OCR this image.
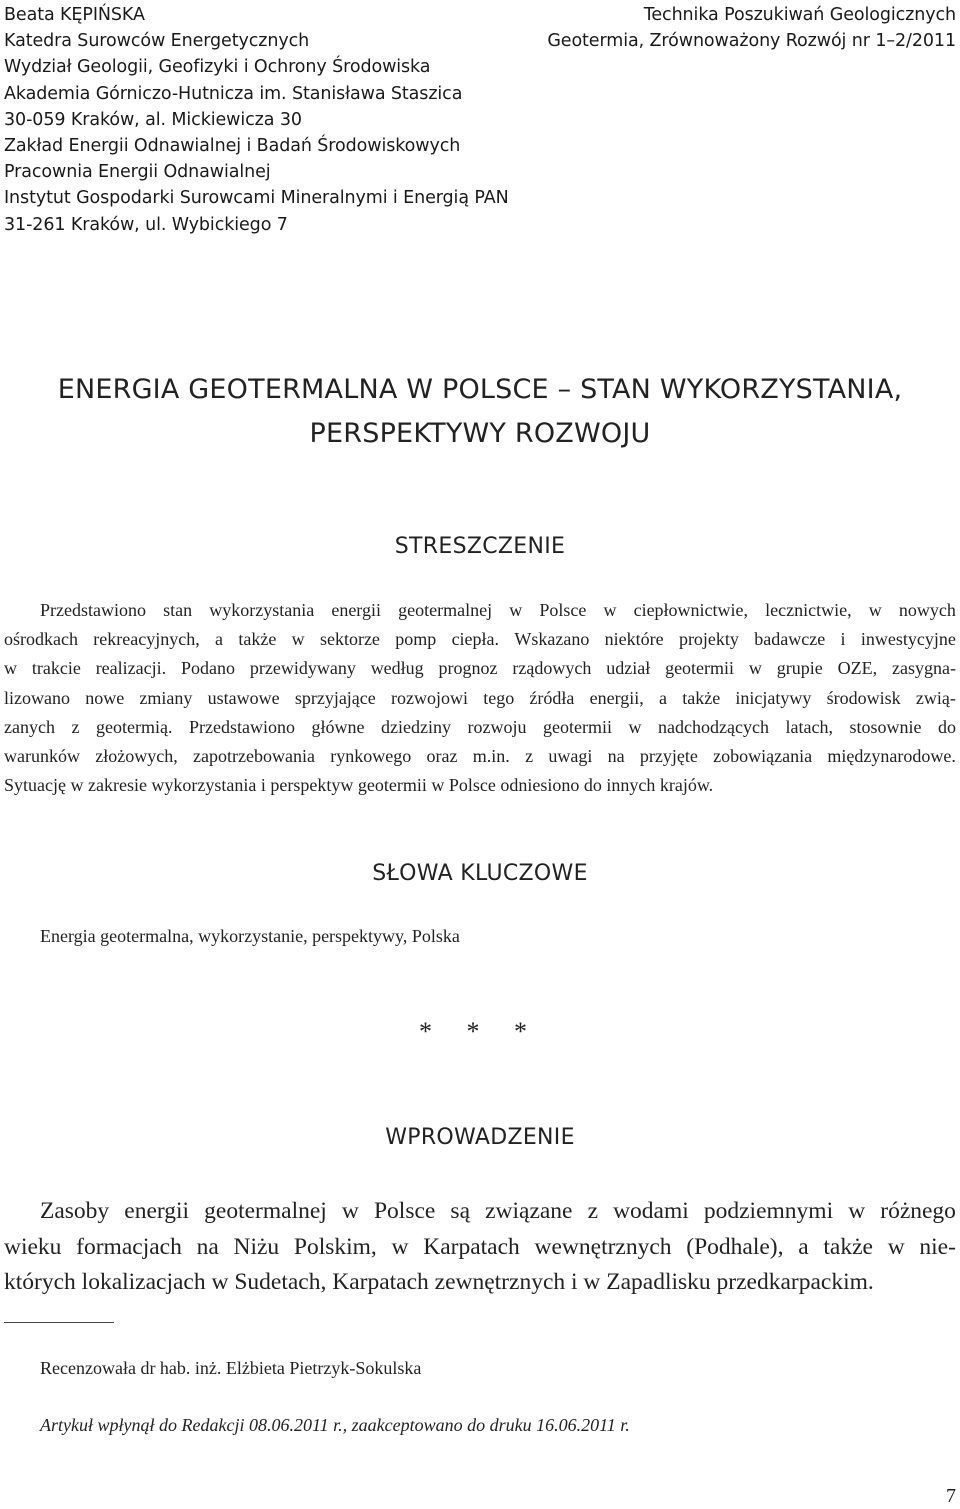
Beata KĘPIŃSKA
Katedra Surowców Energetycznych
Wydział Geologii, Geofizyki i Ochrony Środowiska
Akademia Górniczo-Hutnicza im. Stanisława Staszica
30-059 Kraków, al. Mickiewicza 30
Zakład Energii Odnawialnej i Badań Środowiskowych
Pracownia Energii Odnawialnej
Instytut Gospodarki Surowcami Mineralnymi i Energią PAN
31-261 Kraków, ul. Wybickiego 7
Technika Poszukiwań Geologicznych
Geotermia, Zrównoważony Rozwój nr 1–2/2011
ENERGIA GEOTERMALNA W POLSCE – STAN WYKORZYSTANIA,
PERSPEKTYWY ROZWOJU
STRESZCZENIE
Przedstawiono stan wykorzystania energii geotermalnej w Polsce w ciepłownictwie, lecznictwie, w nowych
ośrodkach rekreacyjnych, a także w sektorze pomp ciepła. Wskazano niektóre projekty badawcze i inwestycyjne
w trakcie realizacji. Podano przewidywany według prognoz rządowych udział geotermii w grupie OZE, zasygna-
lizowano nowe zmiany ustawowe sprzyjające rozwojowi tego źródła energii, a także inicjatywy środowisk zwią-
zanych z geotermią. Przedstawiono główne dziedziny rozwoju geotermii w nadchodzących latach, stosownie do
warunków złożowych, zapotrzebowania rynkowego oraz m.in. z uwagi na przyjęte zobowiązania międzynarodowe.
Sytuację w zakresie wykorzystania i perspektyw geotermii w Polsce odniesiono do innych krajów.
SŁOWA KLUCZOWE
Energia geotermalna, wykorzystanie, perspektywy, Polska
* * *
WPROWADZENIE
Zasoby energii geotermalnej w Polsce są związane z wodami podziemnymi w różnego
wieku formacjach na Niżu Polskim, w Karpatach wewnętrznych (Podhale), a także w nie-
których lokalizacjach w Sudetach, Karpatach zewnętrznych i w Zapadlisku przedkarpackim.
Recenzowała dr hab. inż. Elżbieta Pietrzyk-Sokulska
Artykuł wpłynął do Redakcji 08.06.2011 r., zaakceptowano do druku 16.06.2011 r.
7
